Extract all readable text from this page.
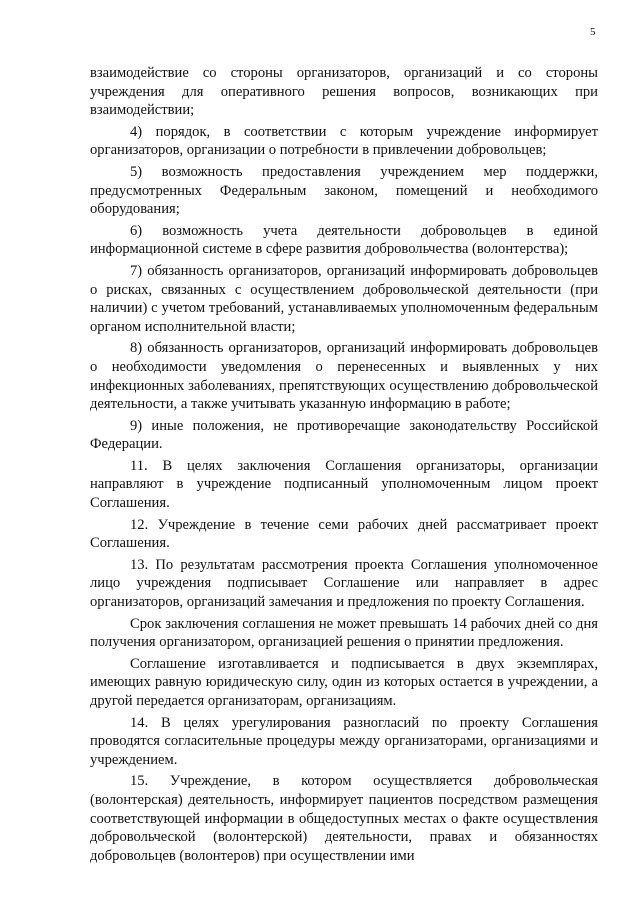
5

взаимодействие со стороны организаторов, организаций и со стороны учреждения для оперативного решения вопросов, возникающих при взаимодействии;

4) порядок, в соответствии с которым учреждение информирует организаторов, организации о потребности в привлечении добровольцев;

5) возможность предоставления учреждением мер поддержки, предусмотренных Федеральным законом, помещений и необходимого оборудования;

6) возможность учета деятельности добровольцев в единой информационной системе в сфере развития добровольчества (волонтерства);

7) обязанность организаторов, организаций информировать добровольцев о рисках, связанных с осуществлением добровольческой деятельности (при наличии) с учетом требований, устанавливаемых уполномоченным федеральным органом исполнительной власти;

8) обязанность организаторов, организаций информировать добровольцев о необходимости уведомления о перенесенных и выявленных у них инфекционных заболеваниях, препятствующих осуществлению добровольческой деятельности, а также учитывать указанную информацию в работе;

9) иные положения, не противоречащие законодательству Российской Федерации.

11. В целях заключения Соглашения организаторы, организации направляют в учреждение подписанный уполномоченным лицом проект Соглашения.

12. Учреждение в течение семи рабочих дней рассматривает проект Соглашения.

13. По результатам рассмотрения проекта Соглашения уполномоченное лицо учреждения подписывает Соглашение или направляет в адрес организаторов, организаций замечания и предложения по проекту Соглашения.

Срок заключения соглашения не может превышать 14 рабочих дней со дня получения организатором, организацией решения о принятии предложения.

Соглашение изготавливается и подписывается в двух экземплярах, имеющих равную юридическую силу, один из которых остается в учреждении, а другой передается организаторам, организациям.

14. В целях урегулирования разногласий по проекту Соглашения проводятся согласительные процедуры между организаторами, организациями и учреждением.

15. Учреждение, в котором осуществляется добровольческая (волонтерская) деятельность, информирует пациентов посредством размещения соответствующей информации в общедоступных местах о факте осуществления добровольческой (волонтерской) деятельности, правах и обязанностях добровольцев (волонтеров) при осуществлении ими
